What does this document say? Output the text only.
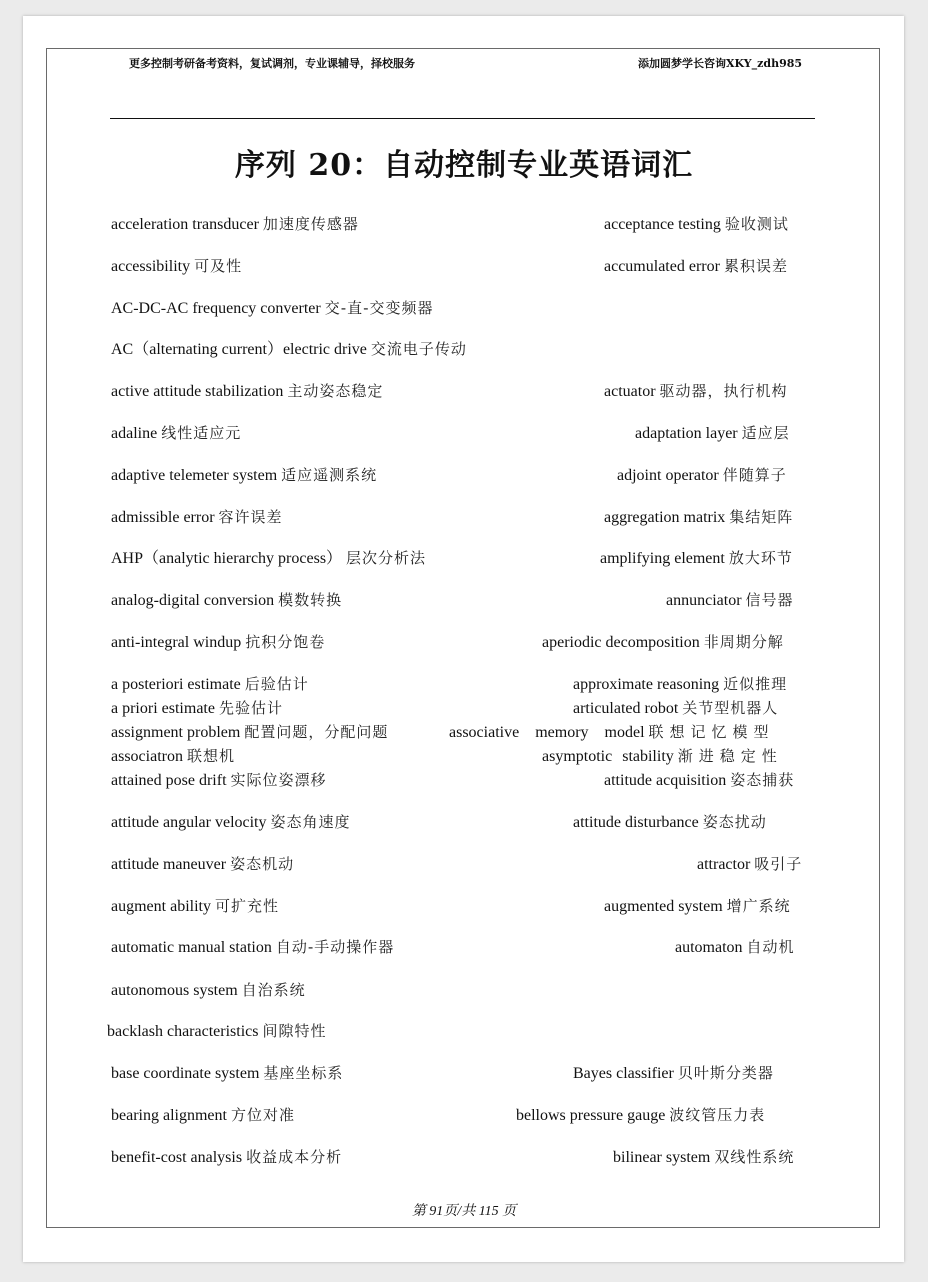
更多控制考研备考资料，复试调剂，专业课辅导，择校服务	添加圆梦学长咨询XKY_zdh985
序列 20：自动控制专业英语词汇
acceleration transducer 加速度传感器	acceptance testing 验收测试
accessibility 可及性	accumulated error 累积误差
AC-DC-AC frequency converter 交-直-交变频器
AC（alternating current）electric drive 交流电子传动
active attitude stabilization 主动姿态稳定	actuator 驱动器，执行机构
adaline 线性适应元	adaptation layer 适应层
adaptive telemeter system 适应遥测系统	adjoint operator 伴随算子
admissible error 容许误差	aggregation matrix 集结矩阵
AHP（analytic hierarchy process） 层次分析法	amplifying element 放大环节
analog-digital conversion 模数转换	annunciator 信号器
anti-integral windup 抗积分饱卷	aperiodic decomposition 非周期分解
a posteriori estimate 后验估计	approximate reasoning 近似推理
a priori estimate 先验估计	articulated robot 关节型机器人
assignment problem 配置问题，分配问题	associative memory model 联想记忆模型
associatron 联想机	asymptotic stability 渐进稳定性
attained pose drift 实际位姿漂移	attitude acquisition 姿态捕获
attitude angular velocity 姿态角速度	attitude disturbance 姿态扰动
attitude maneuver 姿态机动	attractor 吸引子
augment ability 可扩充性	augmented system 增广系统
automatic manual station 自动-手动操作器	automaton 自动机
autonomous system 自治系统
backlash characteristics 间隙特性
base coordinate system 基座坐标系	Bayes classifier 贝叶斯分类器
bearing alignment 方位对准	bellows pressure gauge 波纹管压力表
benefit-cost analysis 收益成本分析	bilinear system 双线性系统
第 91页/共 115 页
